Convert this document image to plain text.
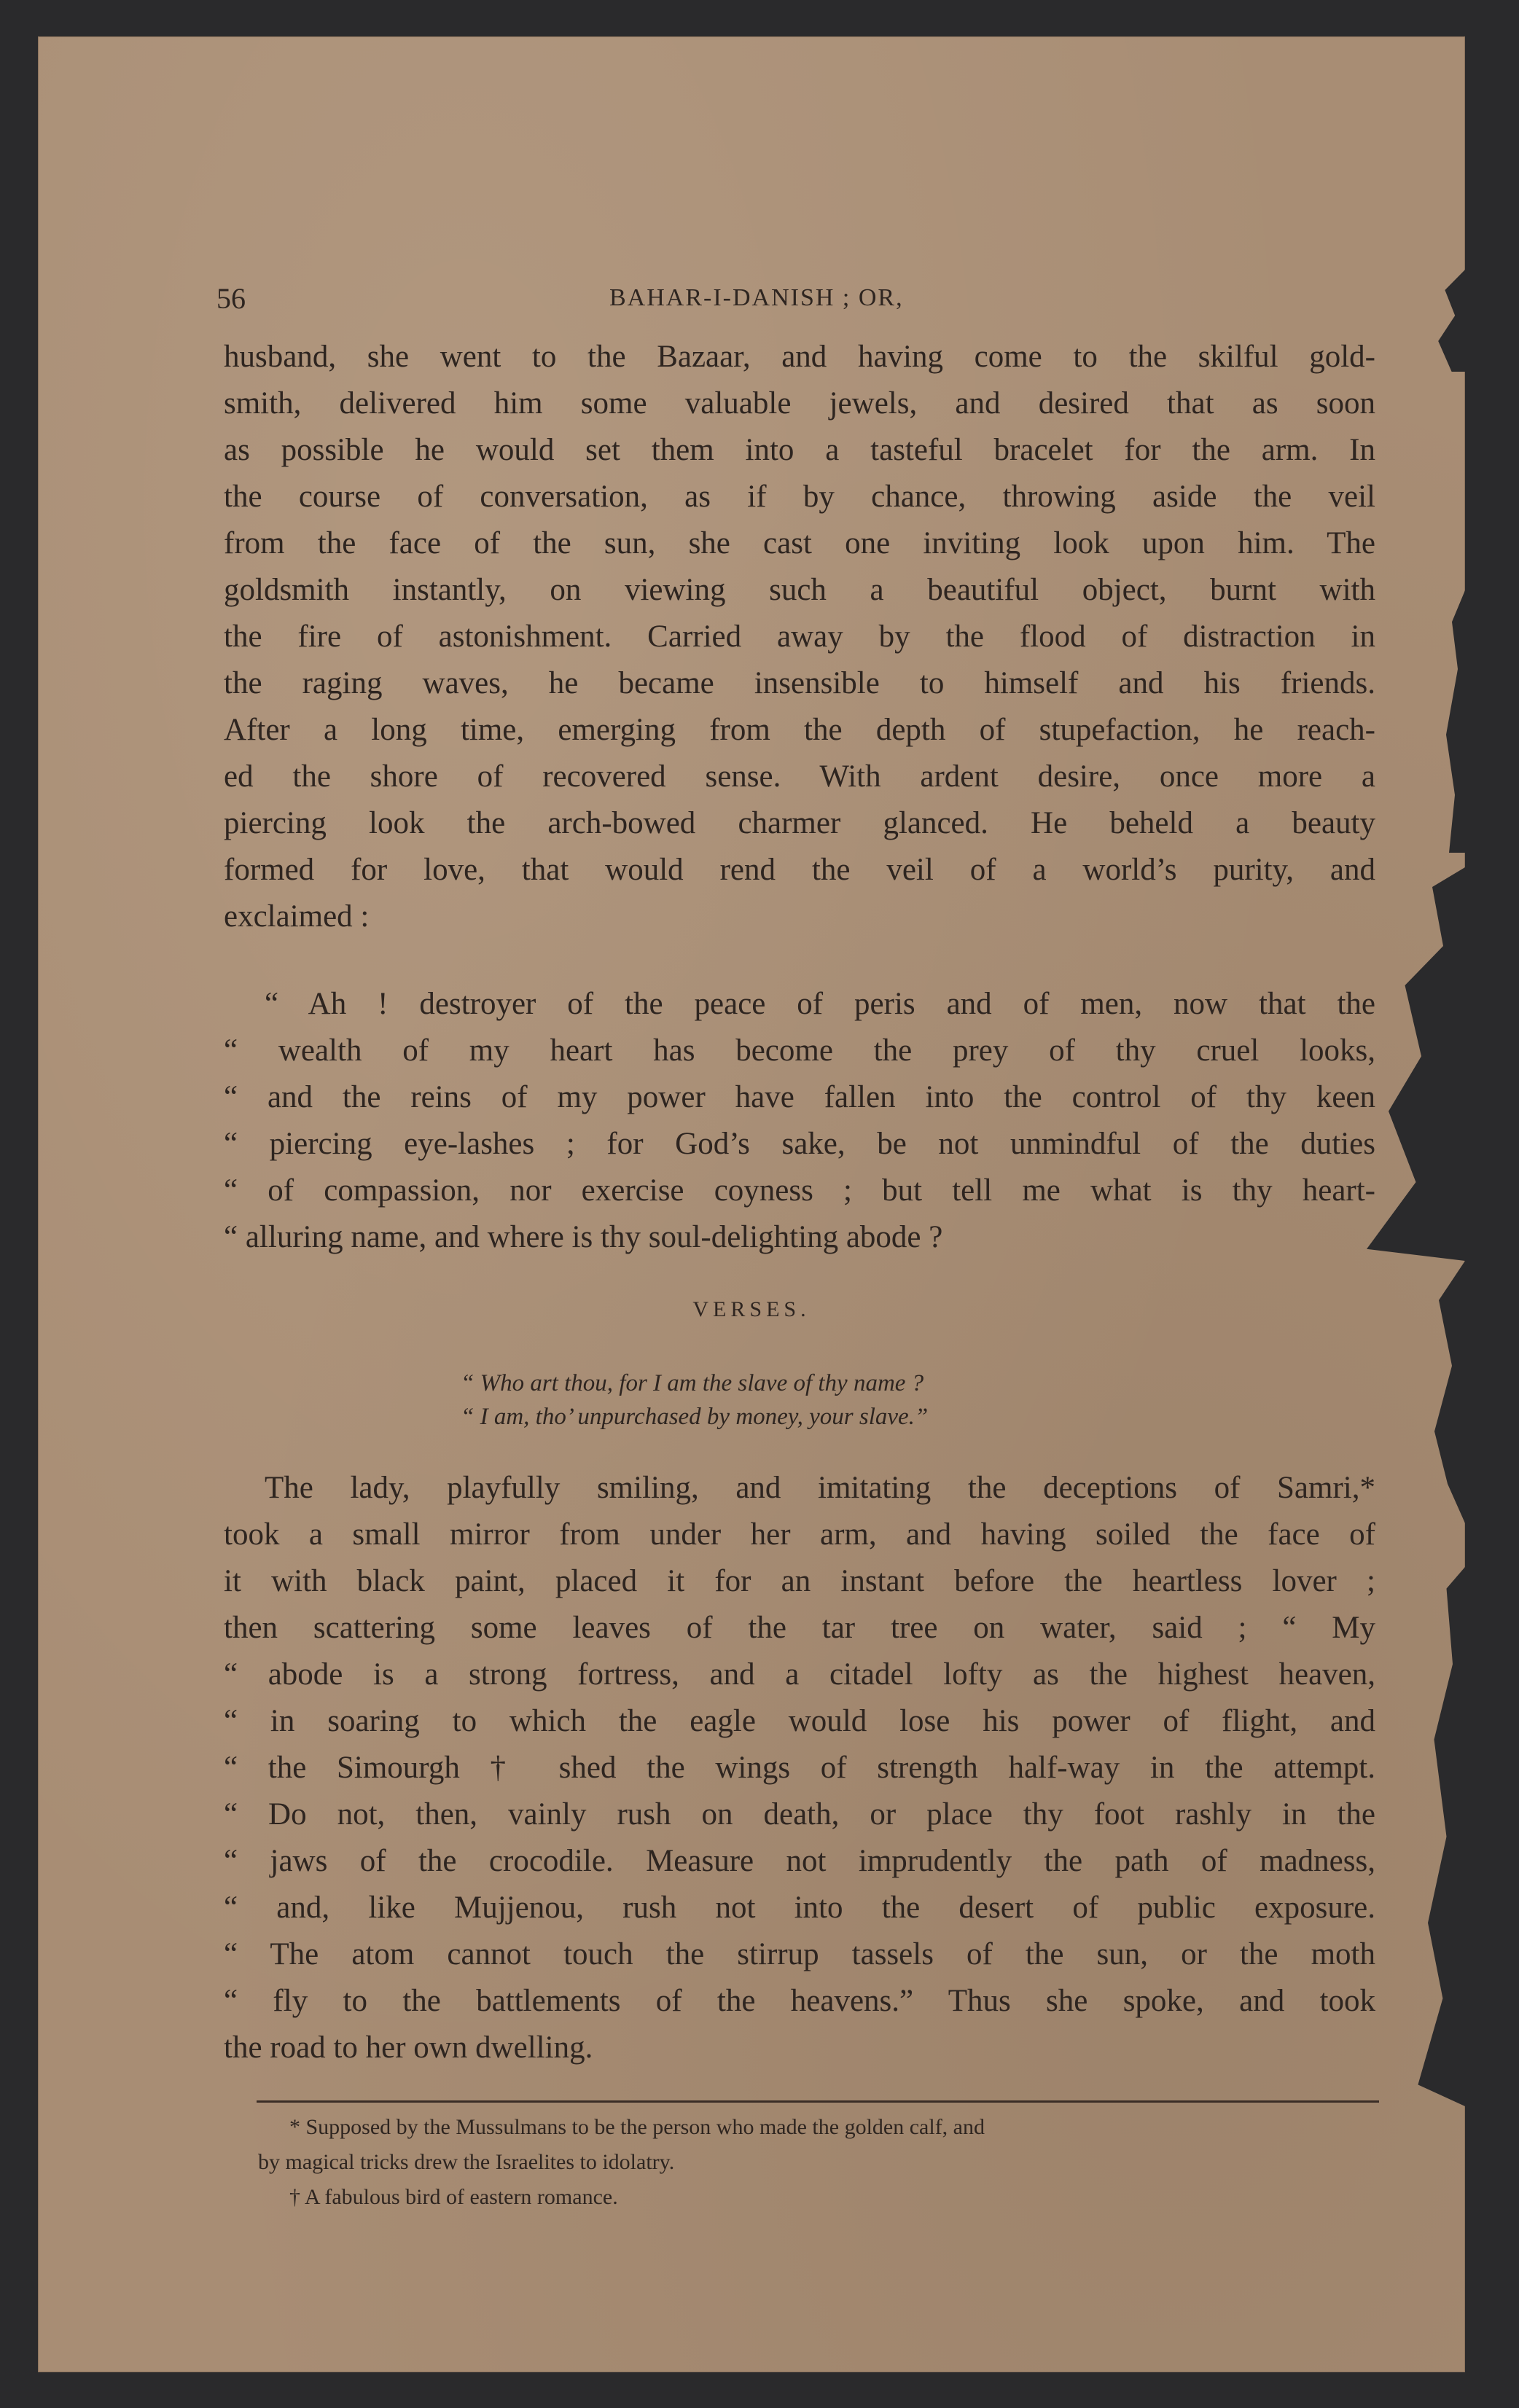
56	BAHAR-I-DANISH ; OR,
husband, she went to the Bazaar, and having come to the skilful gold-
smith, delivered him some valuable jewels, and desired that as soon
as possible he would set them into a tasteful bracelet for the arm. In
the course of conversation, as if by chance, throwing aside the veil
from the face of the sun, she cast one inviting look upon him. The
goldsmith instantly, on viewing such a beautiful object, burnt with
the fire of astonishment. Carried away by the flood of distraction in
the raging waves, he became insensible to himself and his friends.
After a long time, emerging from the depth of stupefaction, he reach-
ed the shore of recovered sense. With ardent desire, once more a
piercing look the arch-bowed charmer glanced. He beheld a beauty
formed for love, that would rend the veil of a world’s purity, and
exclaimed :
“ Ah ! destroyer of the peace of peris and of men, now that the
“ wealth of my heart has become the prey of thy cruel looks,
“ and the reins of my power have fallen into the control of thy keen
“ piercing eye-lashes ; for God’s sake, be not unmindful of the duties
“ of compassion, nor exercise coyness ; but tell me what is thy heart-
“ alluring name, and where is thy soul-delighting abode ?
VERSES.
“ Who art thou, for I am the slave of thy name ?
“ I am, tho’ unpurchased by money, your slave.”
The lady, playfully smiling, and imitating the deceptions of Samri,*
took a small mirror from under her arm, and having soiled the face of
it with black paint, placed it for an instant before the heartless lover ;
then scattering some leaves of the tar tree on water, said ; “ My
“ abode is a strong fortress, and a citadel lofty as the highest heaven,
“ in soaring to which the eagle would lose his power of flight, and
“ the Simourgh † shed the wings of strength half-way in the attempt.
“ Do not, then, vainly rush on death, or place thy foot rashly in the
“ jaws of the crocodile. Measure not imprudently the path of madness,
“ and, like Mujjenou, rush not into the desert of public exposure.
“ The atom cannot touch the stirrup tassels of the sun, or the moth
“ fly to the battlements of the heavens.” Thus she spoke, and took
the road to her own dwelling.
* Supposed by the Mussulmans to be the person who made the golden calf, and
by magical tricks drew the Israelites to idolatry.
† A fabulous bird of eastern romance.
